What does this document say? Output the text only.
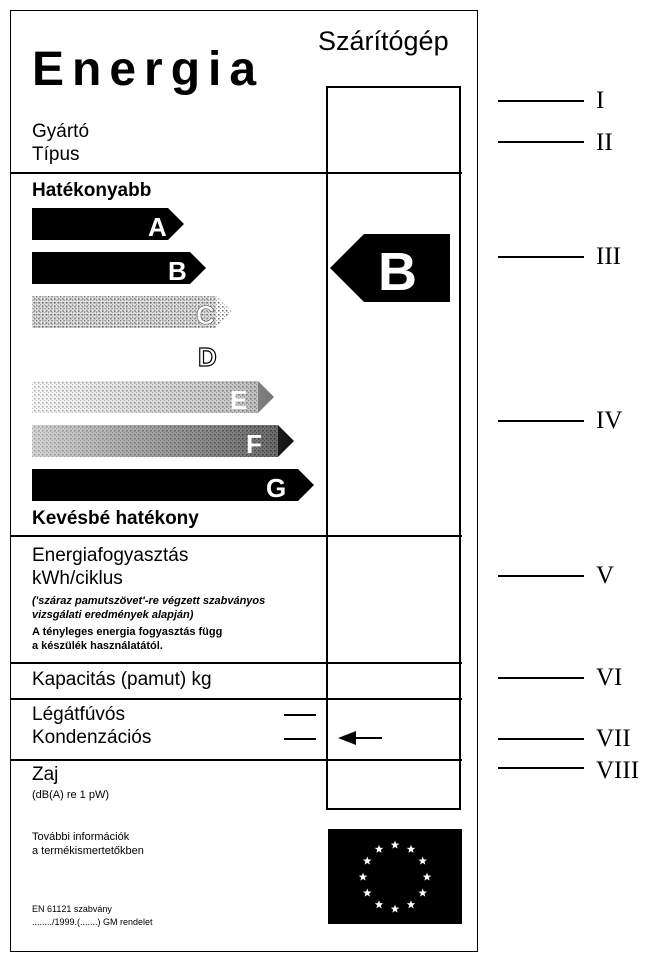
Energia
Szárítógép
Gyártó
Típus
Hatékonyabb
A
B
C
D
E
F
G
Kevésbé hatékony
B
Energiafogyasztás
kWh/ciklus
('száraz pamutszövet'-re végzett szabványos
vizsgálati eredmények alapján)
A tényleges energia fogyasztás függ
a készülék használatától.
Kapacitás (pamut) kg
Légátfúvós
Kondenzációs
Zaj
(dB(A) re 1 pW)
További információk
a termékismertetőkben
EN 61121 szabvány
......../1999.(.......) GM rendelet
I
II
III
IV
V
VI
VII
VIII
